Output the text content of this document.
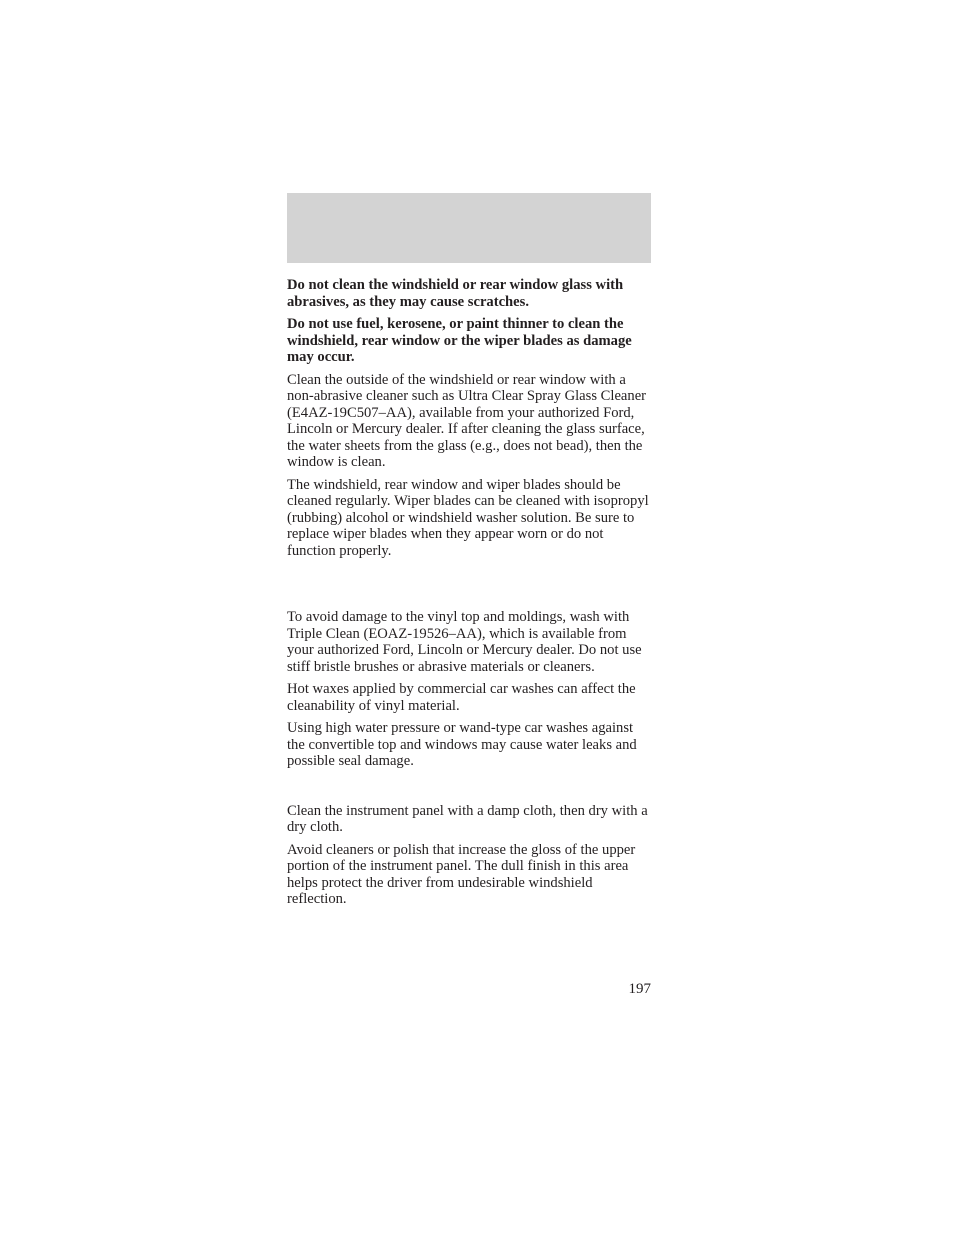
Do not clean the windshield or rear window glass with abrasives, as they may cause scratches.

Do not use fuel, kerosene, or paint thinner to clean the windshield, rear window or the wiper blades as damage may occur.

Clean the outside of the windshield or rear window with a non-abrasive cleaner such as Ultra Clear Spray Glass Cleaner (E4AZ-19C507–AA), available from your authorized Ford, Lincoln or Mercury dealer. If after cleaning the glass surface, the water sheets from the glass (e.g., does not bead), then the window is clean.

The windshield, rear window and wiper blades should be cleaned regularly. Wiper blades can be cleaned with isopropyl (rubbing) alcohol or windshield washer solution. Be sure to replace wiper blades when they appear worn or do not function properly.

To avoid damage to the vinyl top and moldings, wash with Triple Clean (EOAZ-19526–AA), which is available from your authorized Ford, Lincoln or Mercury dealer. Do not use stiff bristle brushes or abrasive materials or cleaners.

Hot waxes applied by commercial car washes can affect the cleanability of vinyl material.

Using high water pressure or wand-type car washes against the convertible top and windows may cause water leaks and possible seal damage.

Clean the instrument panel with a damp cloth, then dry with a dry cloth.

Avoid cleaners or polish that increase the gloss of the upper portion of the instrument panel. The dull finish in this area helps protect the driver from undesirable windshield reflection.

197
